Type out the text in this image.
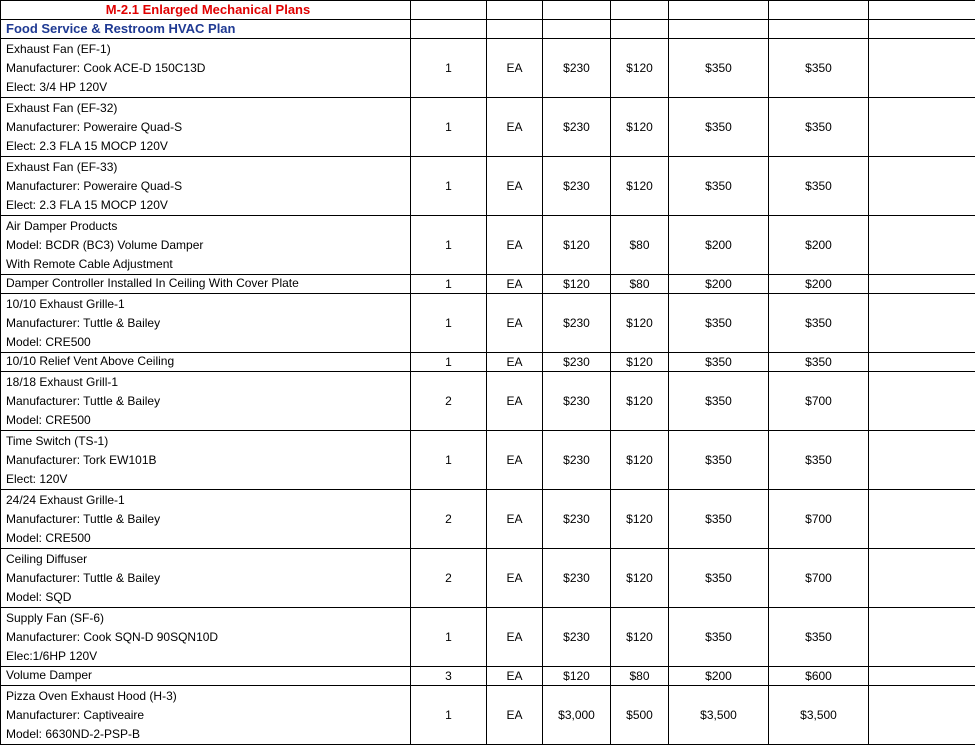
M-2.1 Enlarged Mechanical Plans							
Food Service & Restroom HVAC Plan							

Exhaust Fan (EF-1)
Manufacturer: Cook ACE-D 150C13D
Elect: 3/4 HP 120V	1	EA	$230	$120	$350	$350	

Exhaust Fan (EF-32)
Manufacturer: Poweraire Quad-S
Elect: 2.3 FLA 15 MOCP 120V	1	EA	$230	$120	$350	$350	

Exhaust Fan (EF-33)
Manufacturer: Poweraire Quad-S
Elect: 2.3 FLA 15 MOCP 120V	1	EA	$230	$120	$350	$350	

Air Damper Products
Model: BCDR (BC3) Volume Damper
With Remote Cable Adjustment	1	EA	$120	$80	$200	$200	

Damper Controller Installed In Ceiling With Cover Plate	1	EA	$120	$80	$200	$200	

10/10 Exhaust Grille-1
Manufacturer: Tuttle & Bailey
Model: CRE500	1	EA	$230	$120	$350	$350	

10/10 Relief Vent Above Ceiling	1	EA	$230	$120	$350	$350	

18/18 Exhaust Grill-1
Manufacturer: Tuttle & Bailey
Model: CRE500	2	EA	$230	$120	$350	$700	

Time Switch (TS-1)
Manufacturer: Tork EW101B
Elect: 120V	1	EA	$230	$120	$350	$350	

24/24 Exhaust Grille-1
Manufacturer: Tuttle & Bailey
Model: CRE500	2	EA	$230	$120	$350	$700	

Ceiling Diffuser
Manufacturer: Tuttle & Bailey
Model: SQD	2	EA	$230	$120	$350	$700	

Supply Fan (SF-6)
Manufacturer: Cook SQN-D 90SQN10D
Elec:1/6HP 120V	1	EA	$230	$120	$350	$350	

Volume Damper	3	EA	$120	$80	$200	$600	

Pizza Oven Exhaust Hood (H-3)
Manufacturer: Captiveaire
Model: 6630ND-2-PSP-B	1	EA	$3,000	$500	$3,500	$3,500	
